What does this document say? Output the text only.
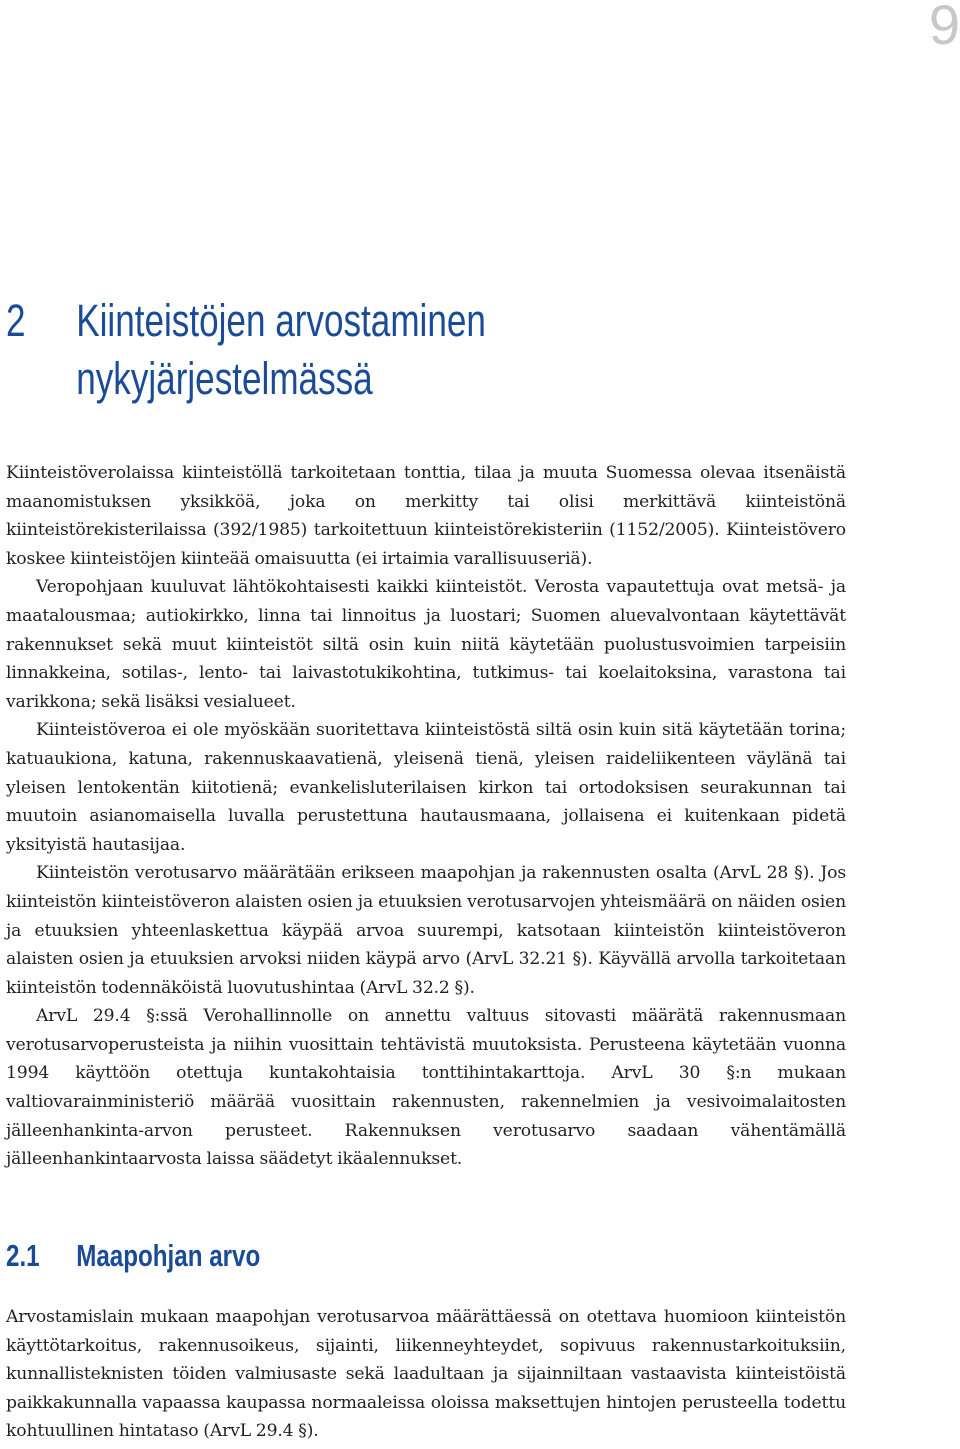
9
2 Kiinteistöjen arvostaminen
nykyjärjestelmässä

Kiinteistöverolaissa kiinteistöllä tarkoitetaan tonttia, tilaa ja muuta Suomessa olevaa itsenäistä maanomistuksen yksikköä, joka on merkitty tai olisi merkittävä kiinteistönä kiinteistörekisterilaissa (392/1985) tarkoitettuun kiinteistörekisteriin (1152/2005). Kiinteistövero koskee kiinteistöjen kiinteää omaisuutta (ei irtaimia varallisuuseriä).

Veropohjaan kuuluvat lähtökohtaisesti kaikki kiinteistöt. Verosta vapautettuja ovat metsä- ja maatalousmaa; autiokirkko, linna tai linnoitus ja luostari; Suomen aluevalvontaan käytettävät rakennukset sekä muut kiinteistöt siltä osin kuin niitä käytetään puolustusvoimien tarpeisiin linnakkeina, sotilas-, lento- tai laivastotukikohtina, tutkimus- tai koelaitoksina, varastona tai varikkona; sekä lisäksi vesialueet.

Kiinteistöveroa ei ole myöskään suoritettava kiinteistöstä siltä osin kuin sitä käytetään torina; katuaukiona, katuna, rakennuskaavatienä, yleisenä tienä, yleisen raideliikenteen väylänä tai yleisen lentokentän kiitotienä; evankelisluterilaisen kirkon tai ortodoksisen seurakunnan tai muutoin asianomaisella luvalla perustettuna hautausmaana, jollaisena ei kuitenkaan pidetä yksityistä hautasijaa.

Kiinteistön verotusarvo määrätään erikseen maapohjan ja rakennusten osalta (ArvL 28 §). Jos kiinteistön kiinteistöveron alaisten osien ja etuuksien verotusarvojen yhteismäärä on näiden osien ja etuuksien yhteenlaskettua käypää arvoa suurempi, katsotaan kiinteistön kiinteistöveron alaisten osien ja etuuksien arvoksi niiden käypä arvo (ArvL 32.21 §). Käyvällä arvolla tarkoitetaan kiinteistön todennäköistä luovutushintaa (ArvL 32.2 §).

ArvL 29.4 §:ssä Verohallinnolle on annettu valtuus sitovasti määrätä rakennusmaan verotusarvoperusteista ja niihin vuosittain tehtävistä muutoksista. Perusteena käytetään vuonna 1994 käyttöön otettuja kuntakohtaisia tonttihintakarttoja. ArvL 30 §:n mukaan valtiovarainministeriö määrää vuosittain rakennusten, rakennelmien ja vesivoimalaitosten jälleenhankinta-arvon perusteet. Rakennuksen verotusarvo saadaan vähentämällä jälleenhankintaarvosta laissa säädetyt ikäalennukset.

2.1 Maapohjan arvo

Arvostamislain mukaan maapohjan verotusarvoa määrättäessä on otettava huomioon kiinteistön käyttötarkoitus, rakennusoikeus, sijainti, liikenneyhteydet, sopivuus rakennustarkoituksiin, kunnallisteknisten töiden valmiusaste sekä laadultaan ja sijainniltaan vastaavista kiinteistöistä paikkakunnalla vapaassa kaupassa normaaleissa oloissa maksettujen hintojen perusteella todettu kohtuullinen hintataso (ArvL 29.4 §).
